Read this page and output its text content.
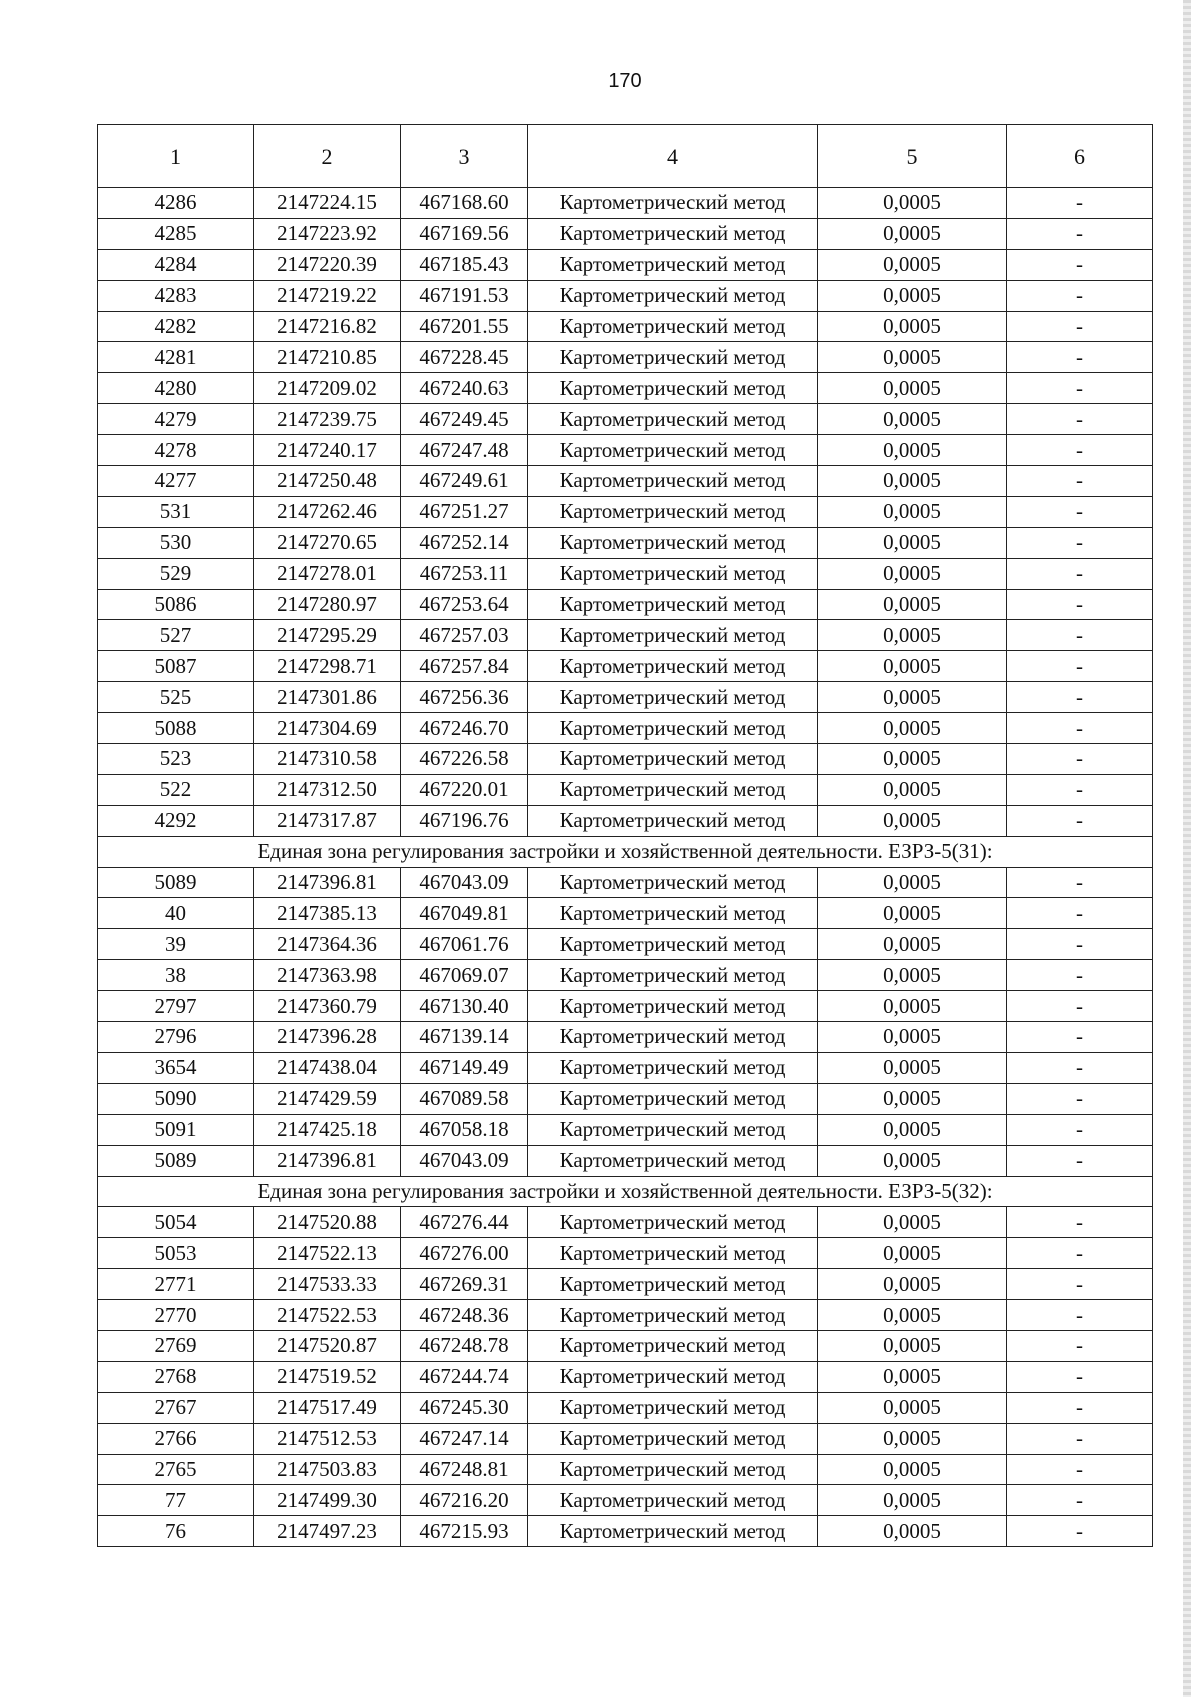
170
1	2	3	4	5	6
4286	2147224.15	467168.60	Картометрический метод	0,0005	-
4285	2147223.92	467169.56	Картометрический метод	0,0005	-
4284	2147220.39	467185.43	Картометрический метод	0,0005	-
4283	2147219.22	467191.53	Картометрический метод	0,0005	-
4282	2147216.82	467201.55	Картометрический метод	0,0005	-
4281	2147210.85	467228.45	Картометрический метод	0,0005	-
4280	2147209.02	467240.63	Картометрический метод	0,0005	-
4279	2147239.75	467249.45	Картометрический метод	0,0005	-
4278	2147240.17	467247.48	Картометрический метод	0,0005	-
4277	2147250.48	467249.61	Картометрический метод	0,0005	-
531	2147262.46	467251.27	Картометрический метод	0,0005	-
530	2147270.65	467252.14	Картометрический метод	0,0005	-
529	2147278.01	467253.11	Картометрический метод	0,0005	-
5086	2147280.97	467253.64	Картометрический метод	0,0005	-
527	2147295.29	467257.03	Картометрический метод	0,0005	-
5087	2147298.71	467257.84	Картометрический метод	0,0005	-
525	2147301.86	467256.36	Картометрический метод	0,0005	-
5088	2147304.69	467246.70	Картометрический метод	0,0005	-
523	2147310.58	467226.58	Картометрический метод	0,0005	-
522	2147312.50	467220.01	Картометрический метод	0,0005	-
4292	2147317.87	467196.76	Картометрический метод	0,0005	-
Единая зона регулирования застройки и хозяйственной деятельности. ЕЗРЗ-5(31):					
5089	2147396.81	467043.09	Картометрический метод	0,0005	-
40	2147385.13	467049.81	Картометрический метод	0,0005	-
39	2147364.36	467061.76	Картометрический метод	0,0005	-
38	2147363.98	467069.07	Картометрический метод	0,0005	-
2797	2147360.79	467130.40	Картометрический метод	0,0005	-
2796	2147396.28	467139.14	Картометрический метод	0,0005	-
3654	2147438.04	467149.49	Картометрический метод	0,0005	-
5090	2147429.59	467089.58	Картометрический метод	0,0005	-
5091	2147425.18	467058.18	Картометрический метод	0,0005	-
5089	2147396.81	467043.09	Картометрический метод	0,0005	-
Единая зона регулирования застройки и хозяйственной деятельности. ЕЗРЗ-5(32):					
5054	2147520.88	467276.44	Картометрический метод	0,0005	-
5053	2147522.13	467276.00	Картометрический метод	0,0005	-
2771	2147533.33	467269.31	Картометрический метод	0,0005	-
2770	2147522.53	467248.36	Картометрический метод	0,0005	-
2769	2147520.87	467248.78	Картометрический метод	0,0005	-
2768	2147519.52	467244.74	Картометрический метод	0,0005	-
2767	2147517.49	467245.30	Картометрический метод	0,0005	-
2766	2147512.53	467247.14	Картометрический метод	0,0005	-
2765	2147503.83	467248.81	Картометрический метод	0,0005	-
77	2147499.30	467216.20	Картометрический метод	0,0005	-
76	2147497.23	467215.93	Картометрический метод	0,0005	-
